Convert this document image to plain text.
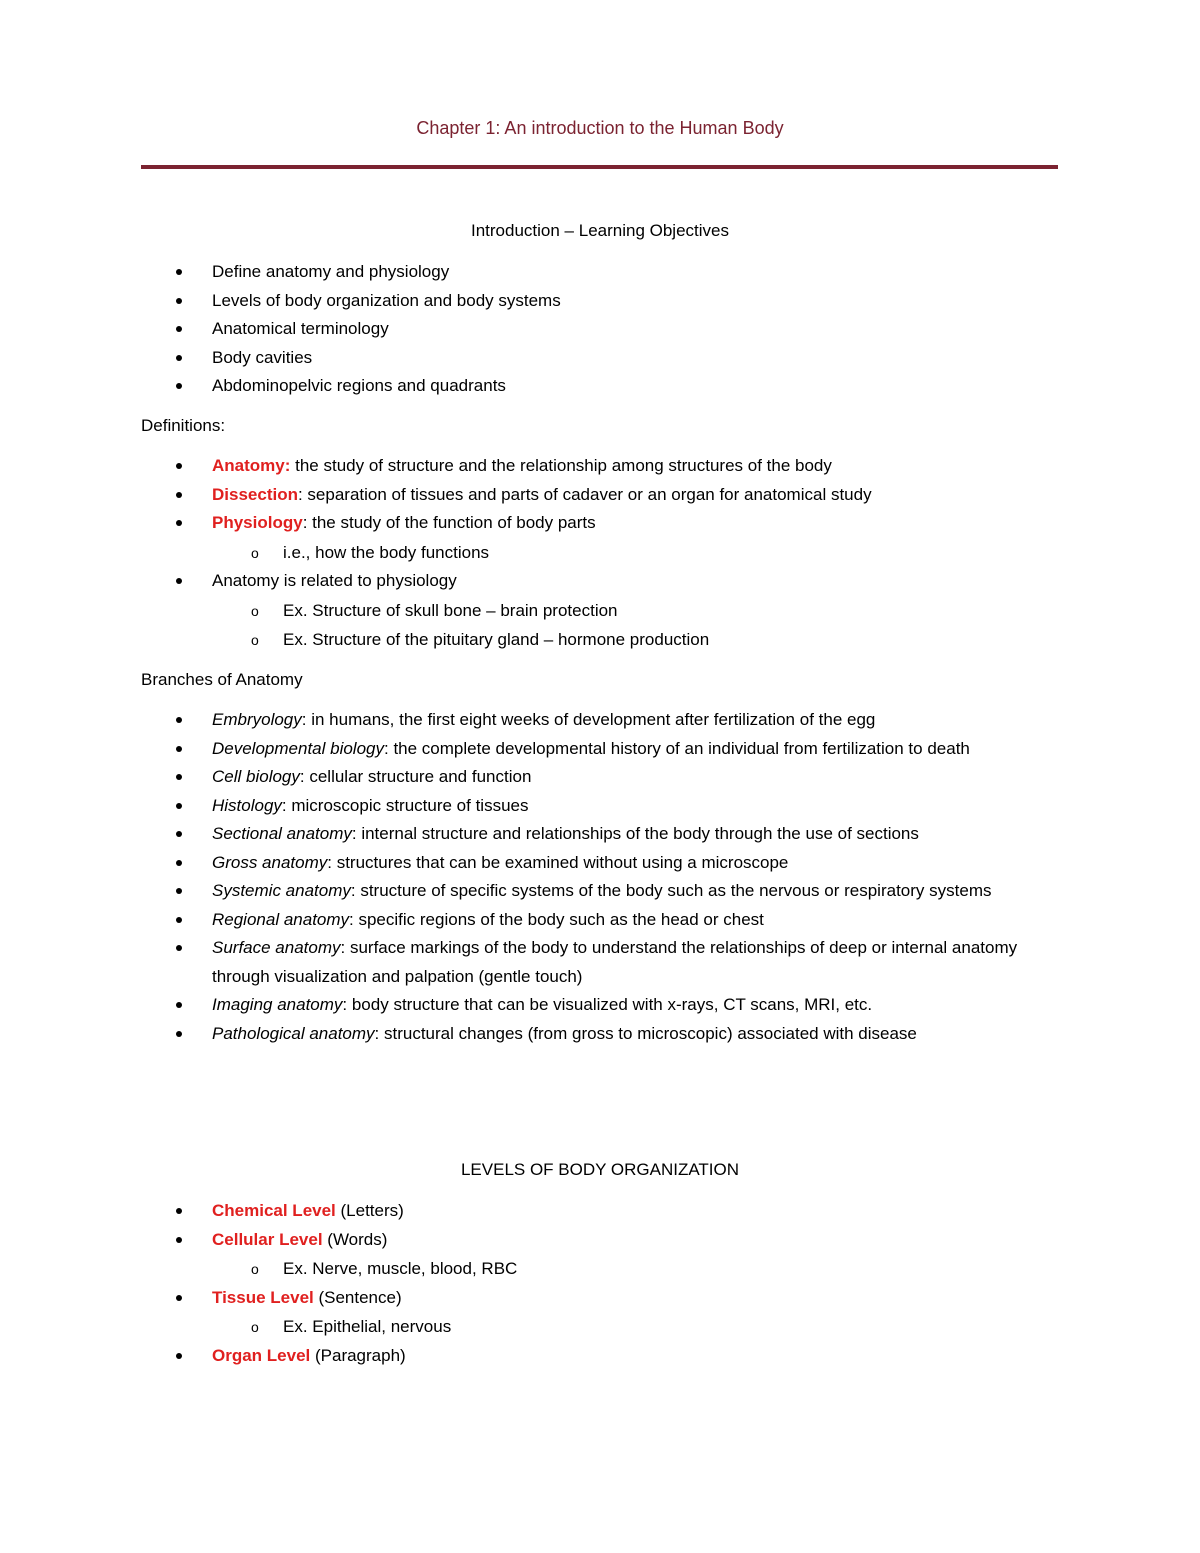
Chapter 1: An introduction to the Human Body
Introduction – Learning Objectives
Define anatomy and physiology
Levels of body organization and body systems
Anatomical terminology
Body cavities
Abdominopelvic regions and quadrants
Definitions:
Anatomy: the study of structure and the relationship among structures of the body
Dissection: separation of tissues and parts of cadaver or an organ for anatomical study
Physiology: the study of the function of body parts
o i.e., how the body functions
Anatomy is related to physiology
o Ex. Structure of skull bone – brain protection
o Ex. Structure of the pituitary gland – hormone production
Branches of Anatomy
Embryology: in humans, the first eight weeks of development after fertilization of the egg
Developmental biology: the complete developmental history of an individual from fertilization to death
Cell biology: cellular structure and function
Histology: microscopic structure of tissues
Sectional anatomy: internal structure and relationships of the body through the use of sections
Gross anatomy: structures that can be examined without using a microscope
Systemic anatomy: structure of specific systems of the body such as the nervous or respiratory systems
Regional anatomy: specific regions of the body such as the head or chest
Surface anatomy: surface markings of the body to understand the relationships of deep or internal anatomy through visualization and palpation (gentle touch)
Imaging anatomy: body structure that can be visualized with x-rays, CT scans, MRI, etc.
Pathological anatomy: structural changes (from gross to microscopic) associated with disease
LEVELS OF BODY ORGANIZATION
Chemical Level (Letters)
Cellular Level (Words)
o Ex. Nerve, muscle, blood, RBC
Tissue Level (Sentence)
o Ex. Epithelial, nervous
Organ Level (Paragraph)
